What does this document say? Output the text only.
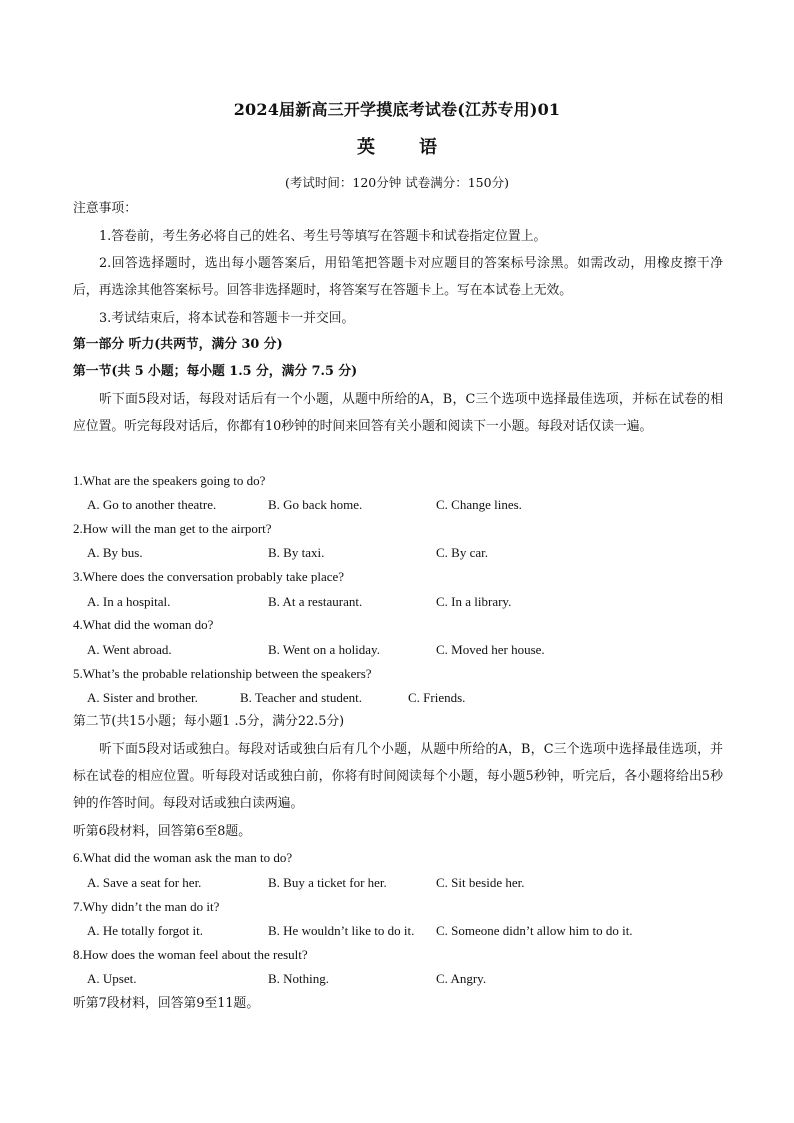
2024届新高三开学摸底考试卷(江苏专用)01
英 语
(考试时间：120分钟 试卷满分：150分)
注意事项：
1.答卷前，考生务必将自己的姓名、考生号等填写在答题卡和试卷指定位置上。
2.回答选择题时，选出每小题答案后，用铅笔把答题卡对应题目的答案标号涂黑。如需改动，用橡皮擦干净后，再选涂其他答案标号。回答非选择题时，将答案写在答题卡上。写在本试卷上无效。
3.考试结束后，将本试卷和答题卡一并交回。
第一部分 听力(共两节，满分 30 分)
第一节(共 5 小题；每小题 1.5 分，满分 7.5 分)
听下面5段对话，每段对话后有一个小题，从题中所给的A，B，C三个选项中选择最佳选项，并标在试卷的相应位置。听完每段对话后，你都有10秒钟的时间来回答有关小题和阅读下一小题。每段对话仅读一遍。
1.What are the speakers going to do?
A. Go to another theatre.	B. Go back home.	C. Change lines.
2.How will the man get to the airport?
A. By bus.	B. By taxi.	C. By car.
3.Where does the conversation probably take place?
A. In a hospital.	B. At a restaurant.	C. In a library.
4.What did the woman do?
A. Went abroad.	B. Went on a holiday.	C. Moved her house.
5.What’s the probable relationship between the speakers?
A. Sister and brother.	B. Teacher and student.	C. Friends.
第二节(共15小题；每小题1 .5分，满分22.5分)
听下面5段对话或独白。每段对话或独白后有几个小题，从题中所给的A，B，C三个选项中选择最佳选项，并标在试卷的相应位置。听每段对话或独白前，你将有时间阅读每个小题，每小题5秒钟，听完后，各小题将给出5秒钟的作答时间。每段对话或独白读两遍。
听第6段材料，回答第6至8题。
6.What did the woman ask the man to do?
A. Save a seat for her.	B. Buy a ticket for her.	C. Sit beside her.
7.Why didn’t the man do it?
A. He totally forgot it.	B. He wouldn’t like to do it. C. Someone didn’t allow him to do it.
8.How does the woman feel about the result?
A. Upset.	B. Nothing.	C. Angry.
听第7段材料，回答第9至11题。
